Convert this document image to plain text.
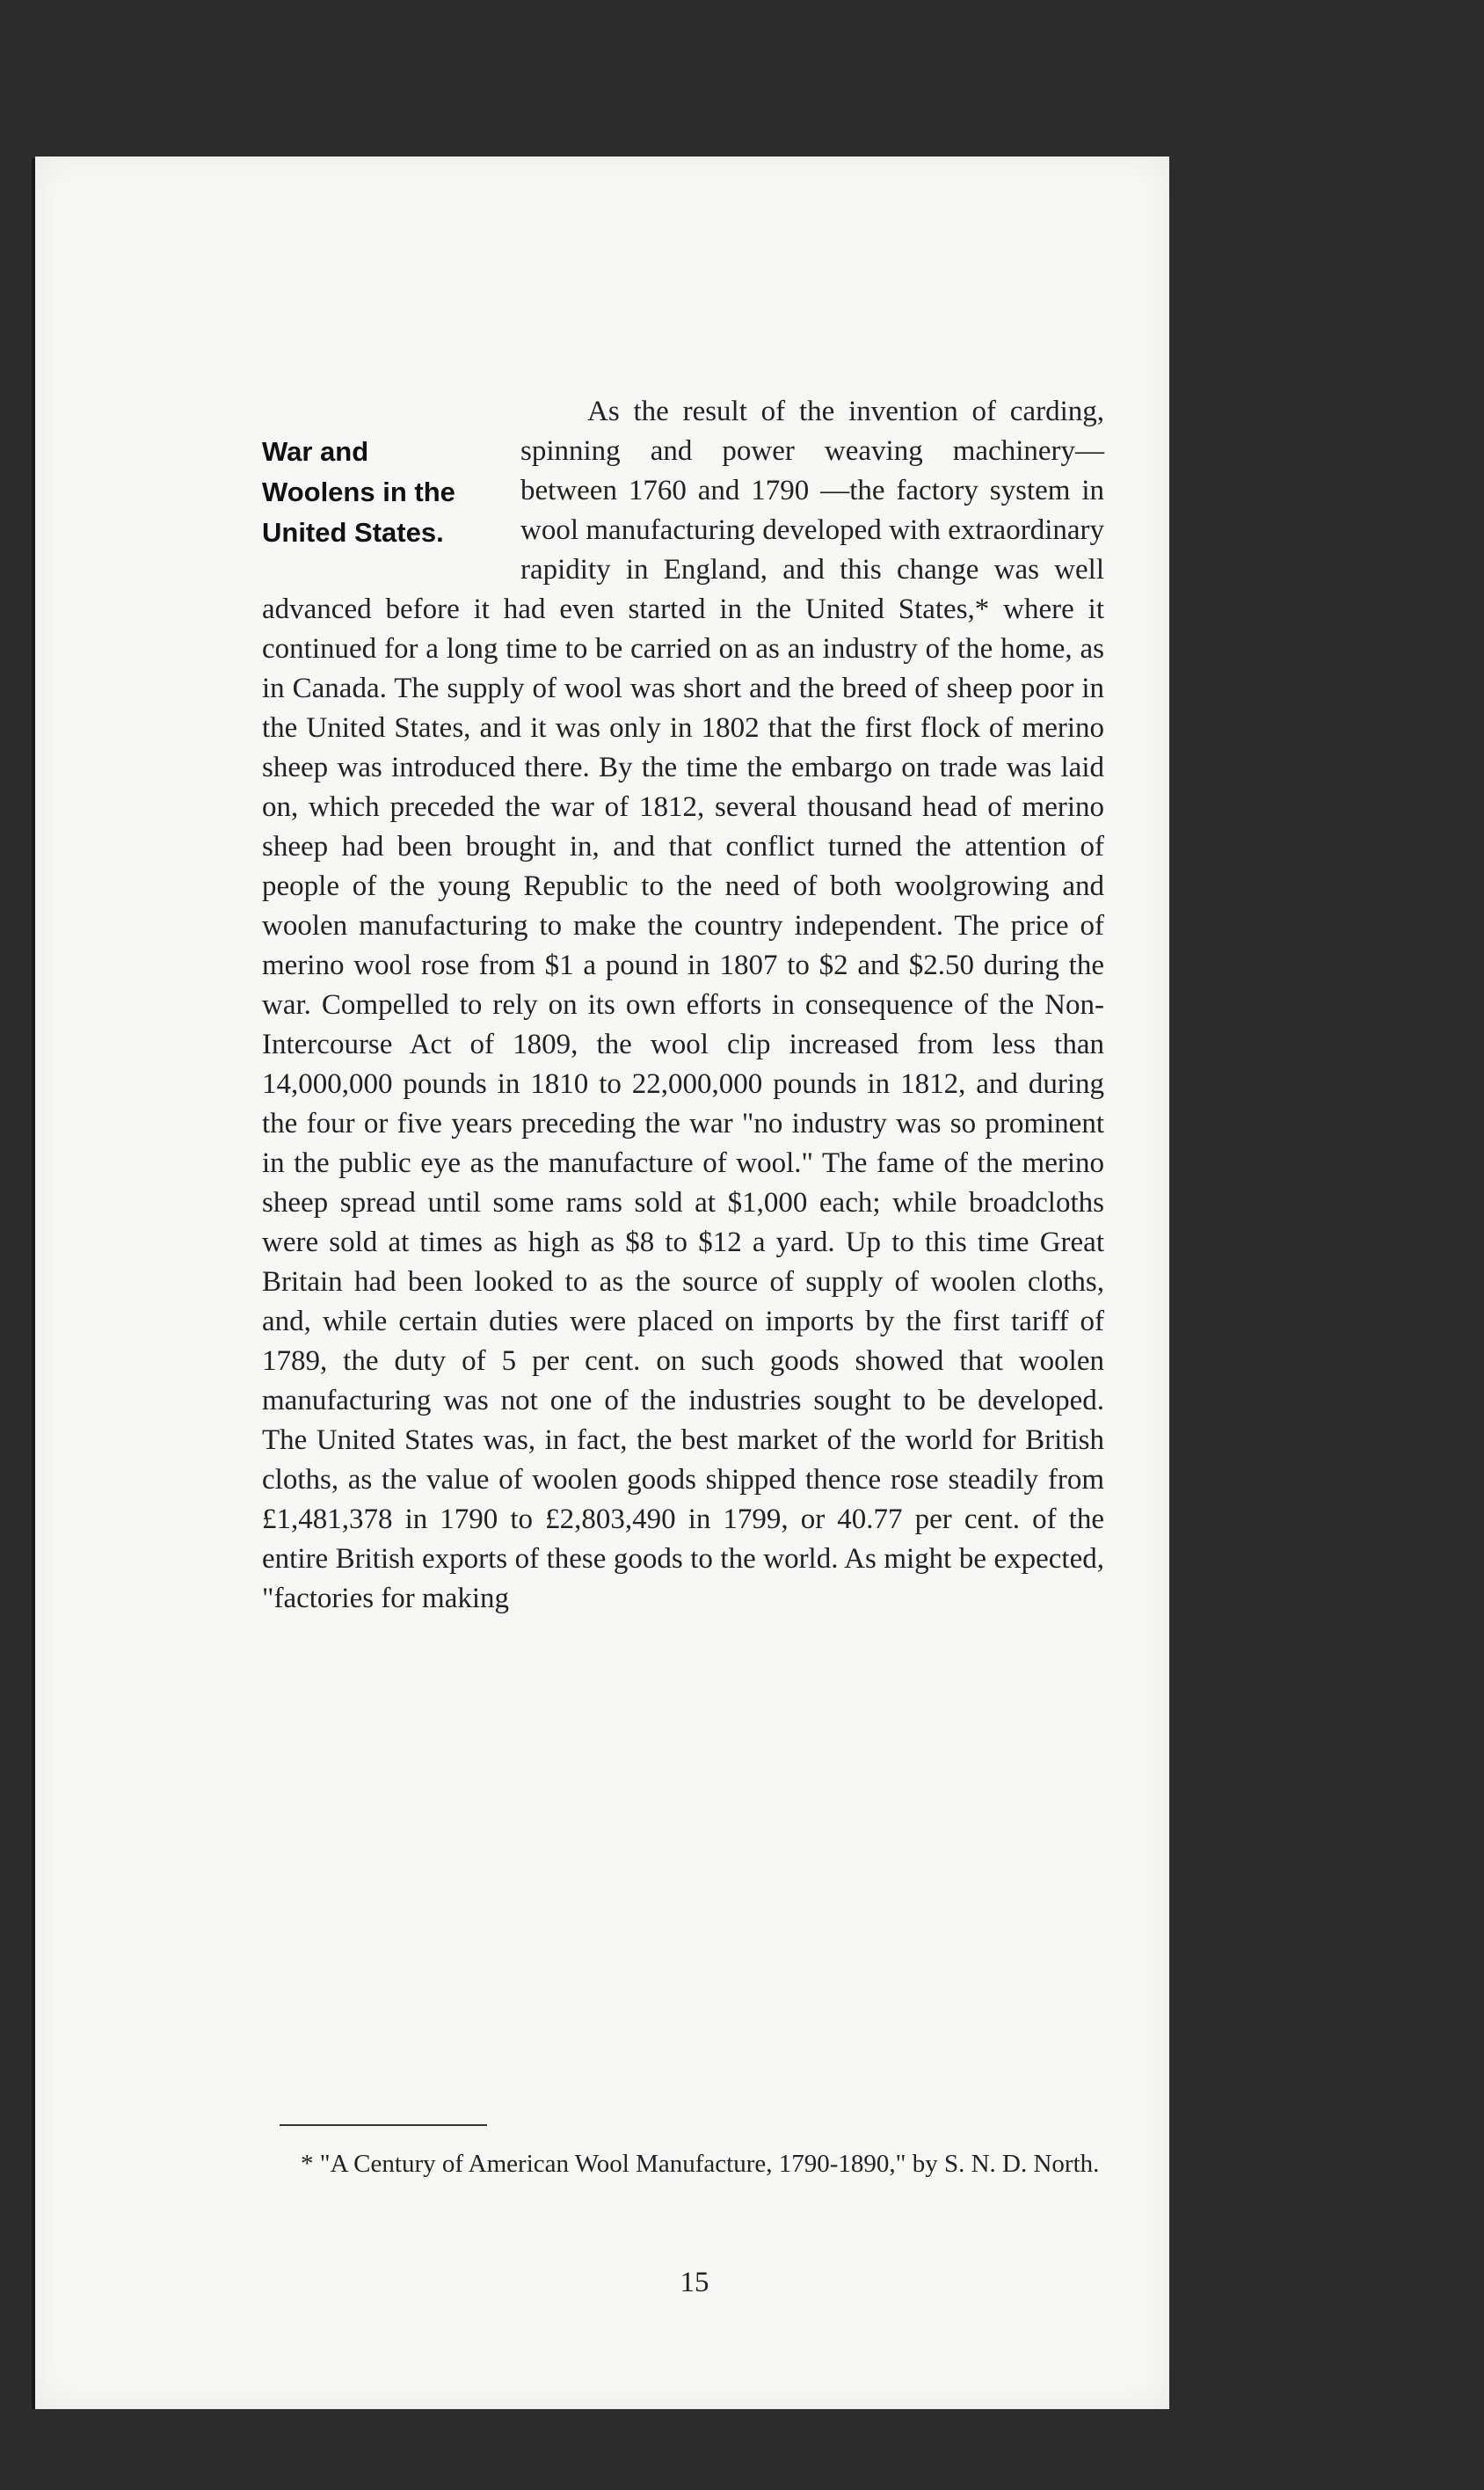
War and
Woolens in the
United States.

As the result of the invention of carding, spinning and power weaving machinery—between 1760 and 1790 —the factory system in wool manufacturing developed with extraordinary rapidity in England, and this change was well advanced before it had even started in the United States,* where it continued for a long time to be carried on as an industry of the home, as in Canada. The supply of wool was short and the breed of sheep poor in the United States, and it was only in 1802 that the first flock of merino sheep was introduced there. By the time the embargo on trade was laid on, which preceded the war of 1812, several thousand head of merino sheep had been brought in, and that conflict turned the attention of people of the young Republic to the need of both woolgrowing and woolen manufacturing to make the country independent. The price of merino wool rose from $1 a pound in 1807 to $2 and $2.50 during the war. Compelled to rely on its own efforts in consequence of the Non-Intercourse Act of 1809, the wool clip increased from less than 14,000,000 pounds in 1810 to 22,000,000 pounds in 1812, and during the four or five years preceding the war "no industry was so prominent in the public eye as the manufacture of wool." The fame of the merino sheep spread until some rams sold at $1,000 each; while broadcloths were sold at times as high as $8 to $12 a yard. Up to this time Great Britain had been looked to as the source of supply of woolen cloths, and, while certain duties were placed on imports by the first tariff of 1789, the duty of 5 per cent. on such goods showed that woolen manufacturing was not one of the industries sought to be developed. The United States was, in fact, the best market of the world for British cloths, as the value of woolen goods shipped thence rose steadily from £1,481,378 in 1790 to £2,803,490 in 1799, or 40.77 per cent. of the entire British exports of these goods to the world. As might be expected, "factories for making

* "A Century of American Wool Manufacture, 1790-1890," by S. N. D. North.
15
